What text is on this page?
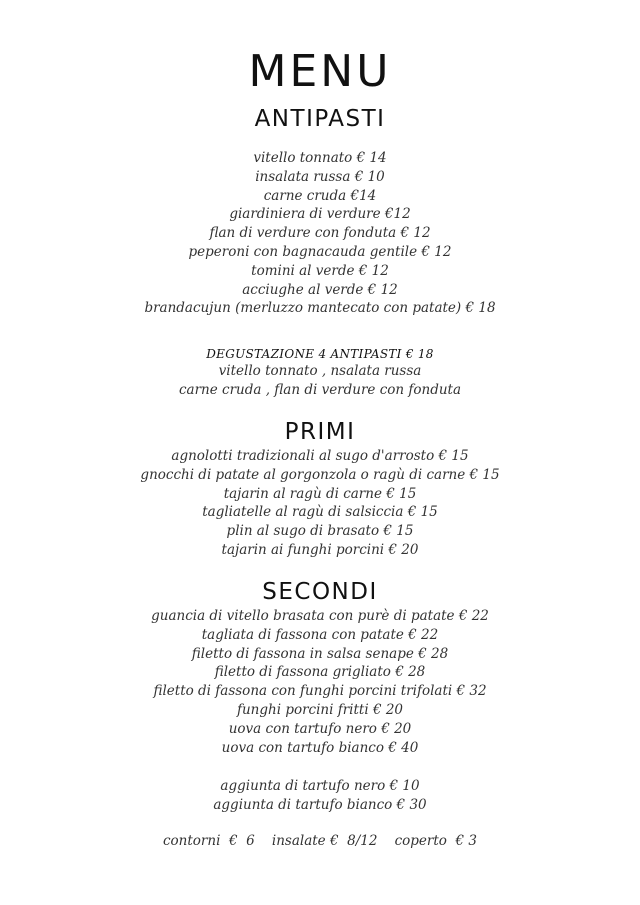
MENU
ANTIPASTI
vitello tonnato € 14
insalata russa € 10
carne cruda €14
giardiniera di verdure €12
flan di verdure con fonduta € 12
peperoni con bagnacauda gentile € 12
tomini al verde € 12
acciughe al verde € 12
brandacujun (merluzzo mantecato con patate) € 18
DEGUSTAZIONE 4 ANTIPASTI € 18
vitello tonnato , nsalata russa
carne cruda , flan di verdure con fonduta
PRIMI
agnolotti tradizionali al sugo d'arrosto € 15
gnocchi di patate al gorgonzola o ragù di carne € 15
tajarin al ragù di carne € 15
tagliatelle al ragù di salsiccia € 15
plin al sugo di brasato € 15
tajarin ai funghi porcini € 20
SECONDI
guancia di vitello brasata con purè di patate € 22
tagliata di fassona con patate € 22
filetto di fassona in salsa senape € 28
filetto di fassona grigliato € 28
filetto di fassona con funghi porcini trifolati € 32
funghi porcini fritti € 20
uova con tartufo nero € 20
uova con tartufo bianco € 40
aggiunta di tartufo nero € 10
aggiunta di tartufo bianco € 30
contorni  €  6    insalate €  8/12    coperto  € 3
